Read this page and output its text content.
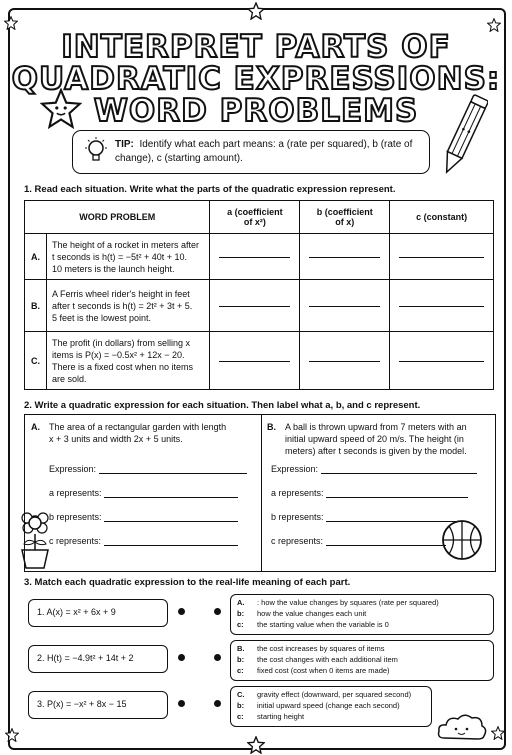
INTERPRET PARTS OF
QUADRATIC EXPRESSIONS:
WORD PROBLEMS
TIP: Identify what each part means: a (rate per squared), b (rate of change), c (starting amount).
1. Read each situation. Write what the parts of the quadratic expression represent.
WORD PROBLEM		a (coefficient
of x²)	b (coefficient
of x)	c (constant)
A.	The height of a rocket in meters after
t seconds is h(t) = −5t² + 40t + 10.
10 meters is the launch height.	

B.	A Ferris wheel rider's height in feet
after t seconds is h(t) = 2t² + 3t + 5.
5 feet is the lowest point.	

C.	The profit (in dollars) from selling x
items is P(x) = −0.5x² + 12x − 20.
There is a fixed cost when no items
are sold.	

2. Write a quadratic expression for each situation. Then label what a, b, and c represent.
A. The area of a rectangular garden with length
x + 3 units and width 2x + 5 units.
B. A ball is thrown upward from 7 meters with an
initial upward speed of 20 m/s. The height (in
meters) after t seconds is given by the model.
Expression:
a represents:
b represents:
c represents:
Expression:
a represents:
b represents:
c represents:
3. Match each quadratic expression to the real-life meaning of each part.
1. A(x) = x² + 6x + 9
2. H(t) = −4.9t² + 14t + 2
3. P(x) = −x² + 8x − 15
A. : how the value changes by squares (rate per squared)
b: how the value changes each unit
c: the starting value when the variable is 0
B. the cost increases by squares of items
b: the cost changes with each additional item
c: fixed cost (cost when 0 items are made)
C. gravity effect (downward, per squared second)
b: initial upward speed (change each second)
c: starting height
